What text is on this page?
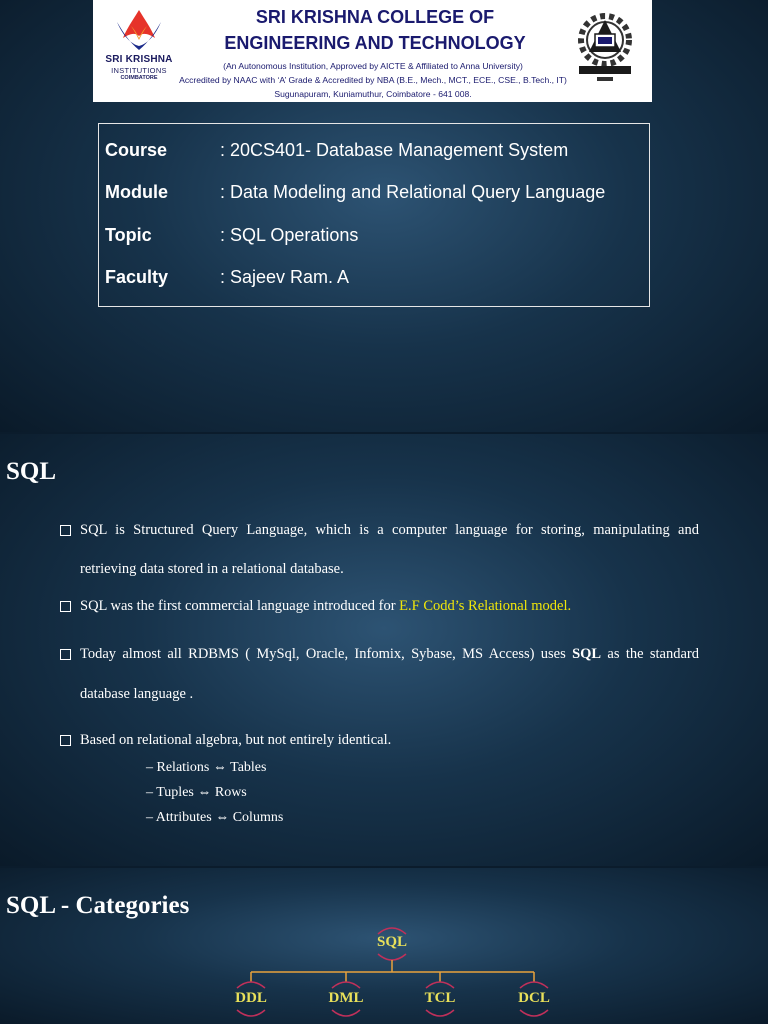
SRI KRISHNA
INSTITUTIONS
COIMBATORE
SRI KRISHNA COLLEGE OF
ENGINEERING AND TECHNOLOGY
(An Autonomous Institution, Approved by AICTE & Affiliated to Anna University)
Accredited by NAAC with ‘A’ Grade & Accredited by NBA (B.E., Mech., MCT., ECE., CSE., B.Tech., IT)
Sugunapuram, Kuniamuthur, Coimbatore - 641 008.
Course	: 20CS401- Database Management System
Module	: Data Modeling and Relational Query Language
Topic	: SQL Operations
Faculty	: Sajeev Ram. A
SQL
SQL is Structured Query Language, which is a computer language for storing, manipulating and
retrieving data stored in a relational database.
SQL was the first commercial language introduced for E.F Codd’s Relational model.
Today almost all RDBMS ( MySql, Oracle, Infomix, Sybase, MS Access) uses SQL as the standard
database language .
Based on relational algebra, but not entirely identical.
– Relations ⇔ Tables
– Tuples ⇔ Rows
– Attributes ⇔ Columns
SQL - Categories
SQL
DDL	DML	TCL	DCL
